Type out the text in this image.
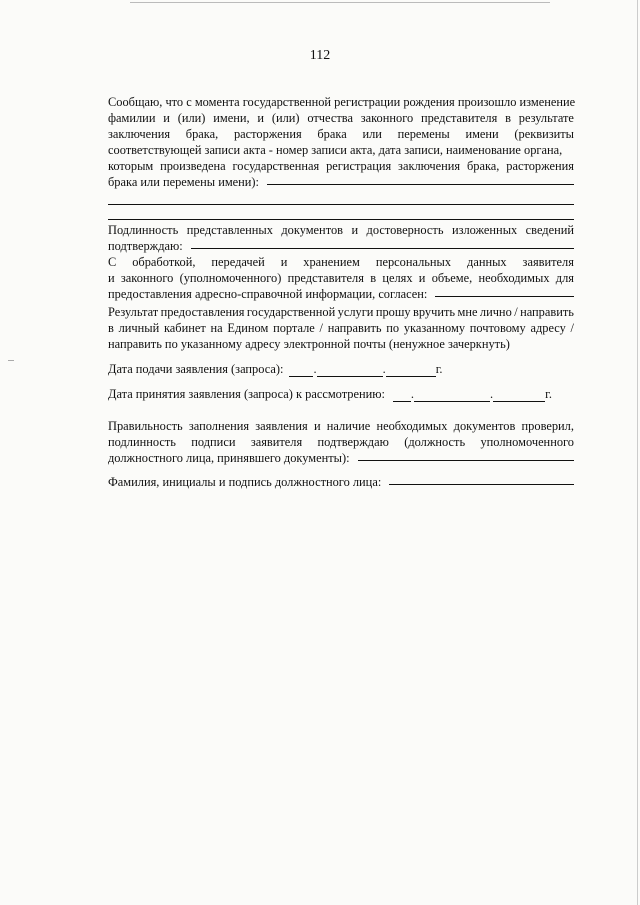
112
Сообщаю, что с момента государственной регистрации рождения произошло изменение
фамилии и (или) имени, и (или) отчества законного представителя в результате
заключения брака, расторжения брака или перемены имени (реквизиты
соответствующей записи акта - номер записи акта, дата записи, наименование органа,
которым произведена государственная регистрация заключения брака, расторжения
брака или перемены имени):
Подлинность представленных документов и достоверность изложенных сведений
подтверждаю:
С обработкой, передачей и хранением персональных данных заявителя
и законного (уполномоченного) представителя в целях и объеме, необходимых для
предоставления адресно-справочной информации, согласен:
Результат предоставления государственной услуги прошу вручить мне лично / направить
в личный кабинет на Едином портале / направить по указанному почтовому адресу /
направить по указанному адресу электронной почты (ненужное зачеркнуть)
Дата подачи заявления (запроса): .	.	г.
Дата принятия заявления (запроса) к рассмотрению: .	.	г.
Правильность заполнения заявления и наличие необходимых документов проверил,
подлинность подписи заявителя подтверждаю (должность уполномоченного
должностного лица, принявшего документы):
Фамилия, инициалы и подпись должностного лица:
